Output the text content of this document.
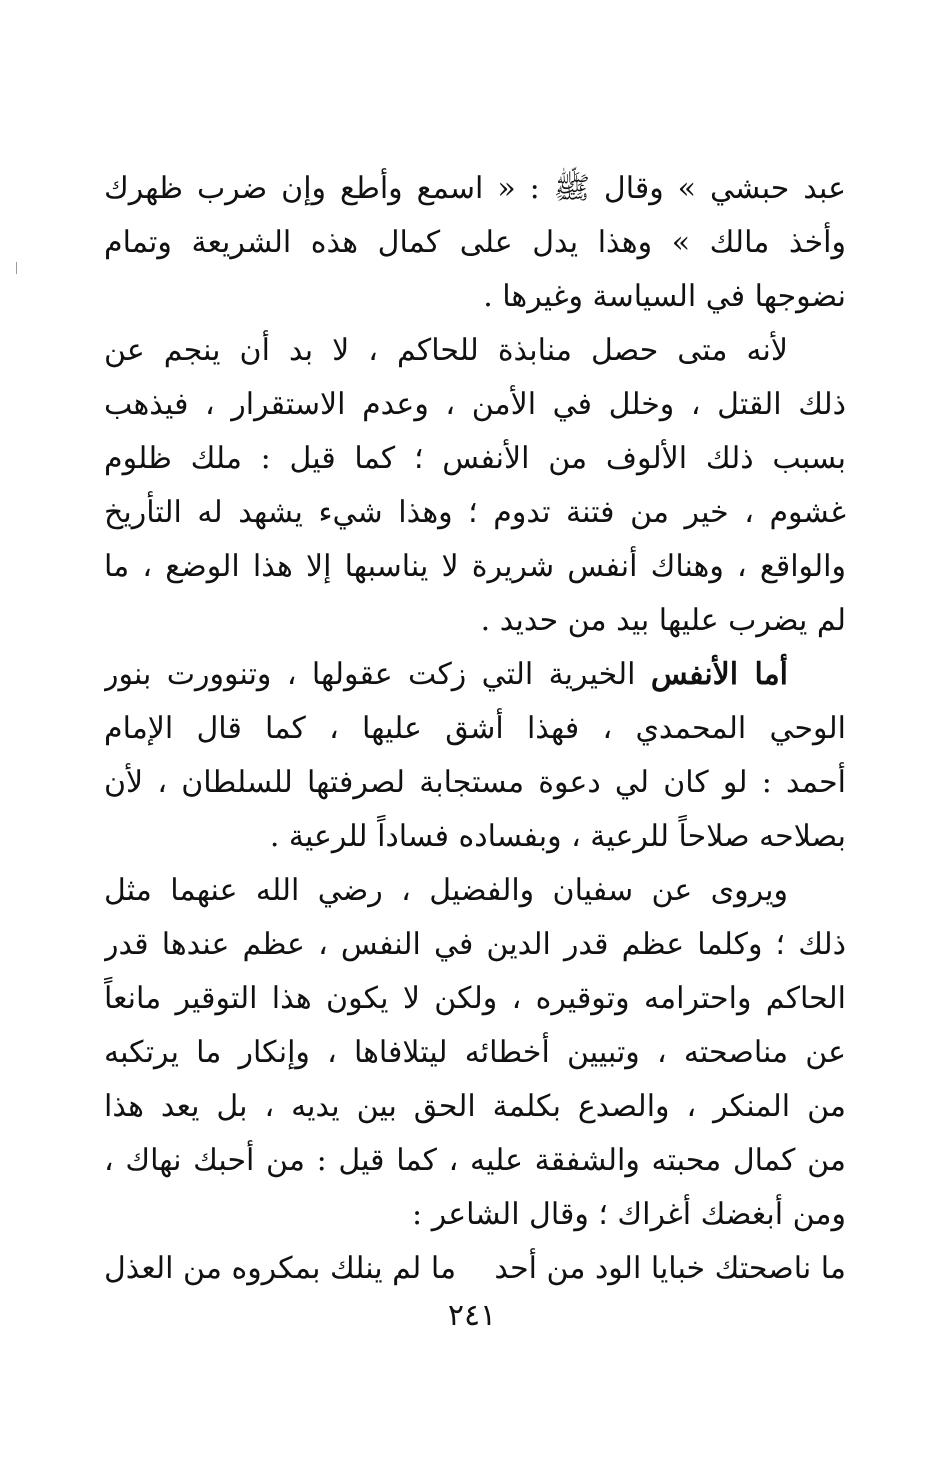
عبد حبشي » وقال ﷺ : « اسمع وأطع وإن ضرب ظهرك
وأخذ مالك » وهذا يدل على كمال هذه الشريعة وتمام
نضوجها في السياسة وغيرها .
لأنه متى حصل منابذة للحاكم ، لا بد أن ينجم عن
ذلك القتل ، وخلل في الأمن ، وعدم الاستقرار ، فيذهب
بسبب ذلك الألوف من الأنفس ؛ كما قيل : ملك ظلوم
غشوم ، خير من فتنة تدوم ؛ وهذا شيء يشهد له التأريخ
والواقع ، وهناك أنفس شريرة لا يناسبها إلا هذا الوضع ، ما
لم يضرب عليها بيد من حديد .
أما الأنفس الخيرية التي زكت عقولها ، وتنوورت بنور
الوحي المحمدي ، فهذا أشق عليها ، كما قال الإمام
أحمد : لو كان لي دعوة مستجابة لصرفتها للسلطان ، لأن
بصلاحه صلاحاً للرعية ، وبفساده فساداً للرعية .
ويروى عن سفيان والفضيل ، رضي الله عنهما مثل
ذلك ؛ وكلما عظم قدر الدين في النفس ، عظم عندها قدر
الحاكم واحترامه وتوقيره ، ولكن لا يكون هذا التوقير مانعاً
عن مناصحته ، وتبيين أخطائه ليتلافاها ، وإنكار ما يرتكبه
من المنكر ، والصدع بكلمة الحق بين يديه ، بل يعد هذا
من كمال محبته والشفقة عليه ، كما قيل : من أحبك نهاك ،
ومن أبغضك أغراك ؛ وقال الشاعر :
ما ناصحتك خبايا الود من أحد
ما لم ينلك بمكروه من العذل
٢٤١
